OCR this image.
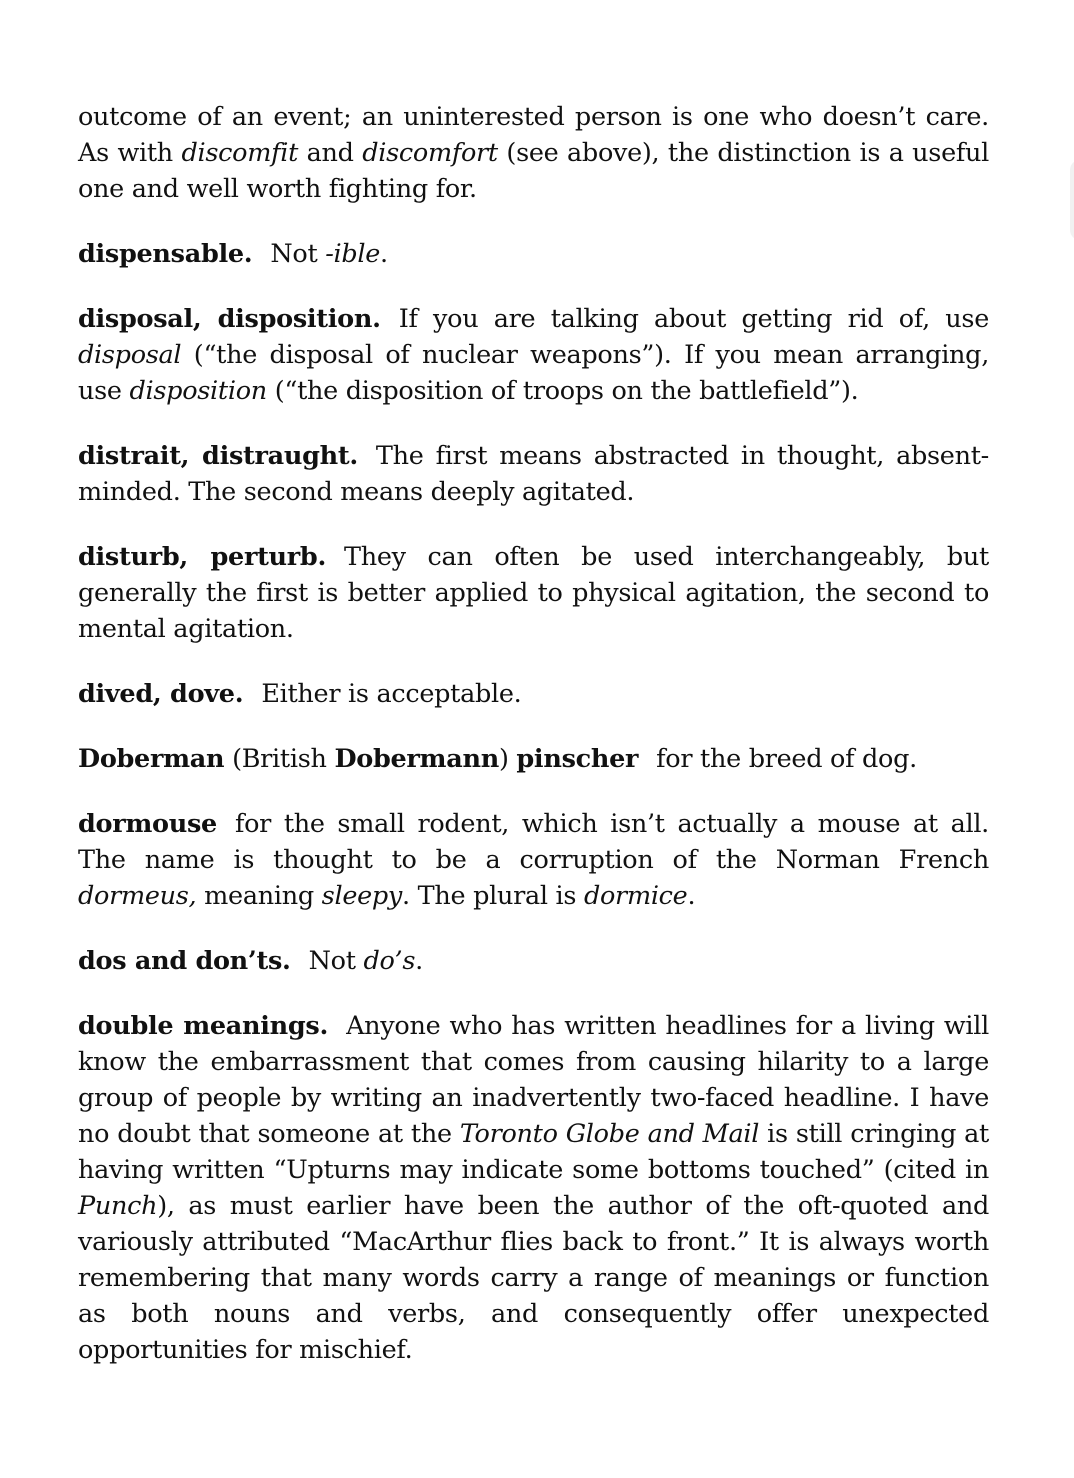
outcome of an event; an uninterested person is one who doesn’t care. As with discomfit and discomfort (see above), the distinction is a useful one and well worth fighting for.

dispensable. Not -ible.

disposal, disposition. If you are talking about getting rid of, use disposal (“the disposal of nuclear weapons”). If you mean arranging, use disposition (“the disposition of troops on the battlefield”).

distrait, distraught. The first means abstracted in thought, absent-minded. The second means deeply agitated.

disturb, perturb. They can often be used interchangeably, but generally the first is better applied to physical agitation, the second to mental agitation.

dived, dove. Either is acceptable.

Doberman (British Dobermann) pinscher for the breed of dog.

dormouse for the small rodent, which isn’t actually a mouse at all. The name is thought to be a corruption of the Norman French dormeus, meaning sleepy. The plural is dormice.

dos and don’ts. Not do’s.

double meanings. Anyone who has written headlines for a living will know the embarrassment that comes from causing hilarity to a large group of people by writing an inadvertently two-faced headline. I have no doubt that someone at the Toronto Globe and Mail is still cringing at having written “Upturns may indicate some bottoms touched” (cited in Punch), as must earlier have been the author of the oft-quoted and variously attributed “MacArthur flies back to front.” It is always worth remembering that many words carry a range of meanings or function as both nouns and verbs, and consequently offer unexpected opportunities for mischief.
